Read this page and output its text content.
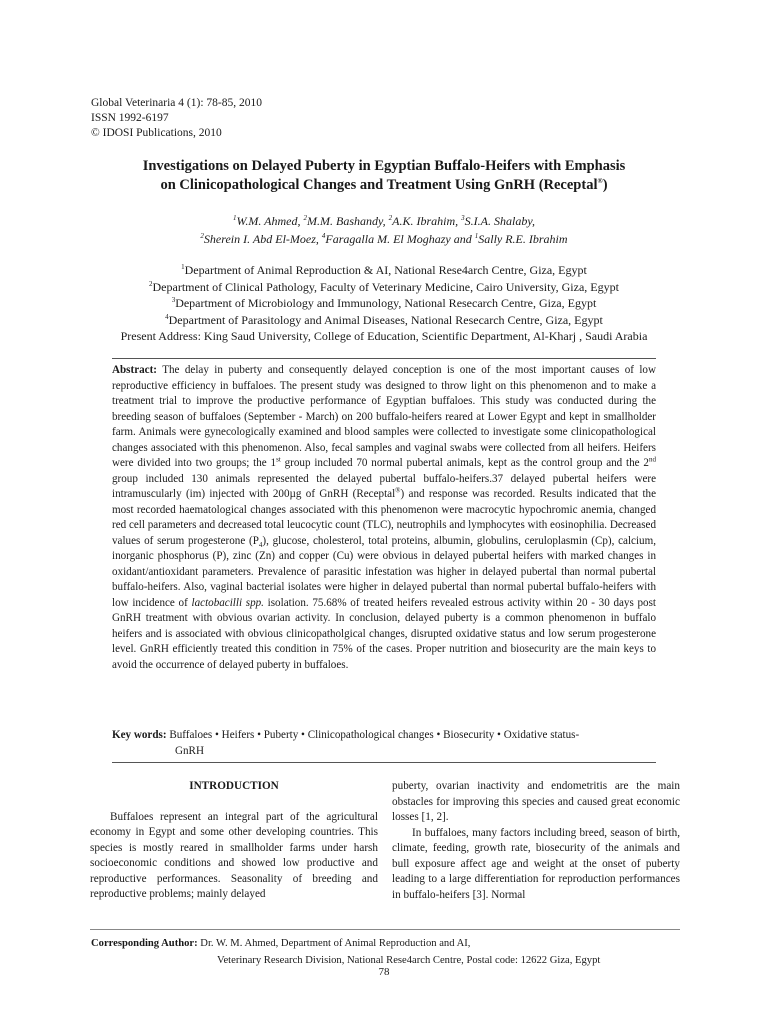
Global Veterinaria 4 (1): 78-85, 2010
ISSN 1992-6197
© IDOSI Publications, 2010
Investigations on Delayed Puberty in Egyptian Buffalo-Heifers with Emphasis
on Clinicopathological Changes and Treatment Using GnRH (Receptal®)
$^1$W.M. Ahmed, $^2$M.M. Bashandy, $^2$A.K. Ibrahim, $^3$S.I.A. Shalaby,
$^2$Sherein I. Abd El-Moez, $^4$Faragalla M. El Moghazy and $^1$Sally R.E. Ibrahim
$^1$Department of Animal Reproduction & AI, National Rese4arch Centre, Giza, Egypt
$^2$Department of Clinical Pathology, Faculty of Veterinary Medicine, Cairo University, Giza, Egypt
$^3$Department of Microbiology and Immunology, National Resecarch Centre, Giza, Egypt
$^4$Department of Parasitology and Animal Diseases, National Resecarch Centre, Giza, Egypt
Present Address: King Saud University, College of Education, Scientific Department, Al-Kharj , Saudi Arabia
Abstract: The delay in puberty and consequently delayed conception is one of the most important causes of low reproductive efficiency in buffaloes. The present study was designed to throw light on this phenomenon and to make a treatment trial to improve the productive performance of Egyptian buffaloes. This study was conducted during the breeding season of buffaloes (September - March) on 200 buffalo-heifers reared at Lower Egypt and kept in smallholder farm. Animals were gynecologically examined and blood samples were collected to investigate some clinicopathological changes associated with this phenomenon. Also, fecal samples and vaginal swabs were collected from all heifers. Heifers were divided into two groups; the 1st group included 70 normal pubertal animals, kept as the control group and the 2nd group included 130 animals represented the delayed pubertal buffalo-heifers.37 delayed pubertal heifers were intramuscularly (im) injected with 200µg of GnRH (Receptal®) and response was recorded. Results indicated that the most recorded haematological changes associated with this phenomenon were macrocytic hypochromic anemia, changed red cell parameters and decreased total leucocytic count (TLC), neutrophils and lymphocytes with eosinophilia. Decreased values of serum progesterone $(P_4)$, glucose, cholesterol, total proteins, albumin, globulins, ceruloplasmin (Cp), calcium, inorganic phosphorus (P), zinc (Zn) and copper (Cu) were obvious in delayed pubertal heifers with marked changes in oxidant/antioxidant parameters. Prevalence of parasitic infestation was higher in delayed pubertal than normal pubertal buffalo-heifers. Also, vaginal bacterial isolates were higher in delayed pubertal than normal pubertal buffalo-heifers with low incidence of lactobacilli spp. isolation. 75.68% of treated heifers revealed estrous activity within 20 - 30 days post GnRH treatment with obvious ovarian activity. In conclusion, delayed puberty is a common phenomenon in buffalo heifers and is associated with obvious clinicopatholgical changes, disrupted oxidative status and low serum progesterone level. GnRH efficiently treated this condition in 75% of the cases. Proper nutrition and biosecurity are the main keys to avoid the occurrence of delayed puberty in buffaloes.
Key words: Buffaloes • Heifers • Puberty • Clinicopathological changes • Biosecurity • Oxidative status-
GnRH
INTRODUCTION

Buffaloes represent an integral part of the agricultural economy in Egypt and some other developing countries. This species is mostly reared in smallholder farms under harsh socioeconomic conditions and showed low productive and reproductive performances. Seasonality of breeding and reproductive problems; mainly delayed

puberty, ovarian inactivity and endometritis are the main obstacles for improving this species and caused great economic losses [1, 2].

In buffaloes, many factors including breed, season of birth, climate, feeding, growth rate, biosecurity of the animals and bull exposure affect age and weight at the onset of puberty leading to a large differentiation for reproduction performances in buffalo-heifers [3]. Normal

Corresponding Author: Dr. W. M. Ahmed, Department of Animal Reproduction and AI,
Veterinary Research Division, National Rese4arch Centre, Postal code: 12622 Giza, Egypt
78
